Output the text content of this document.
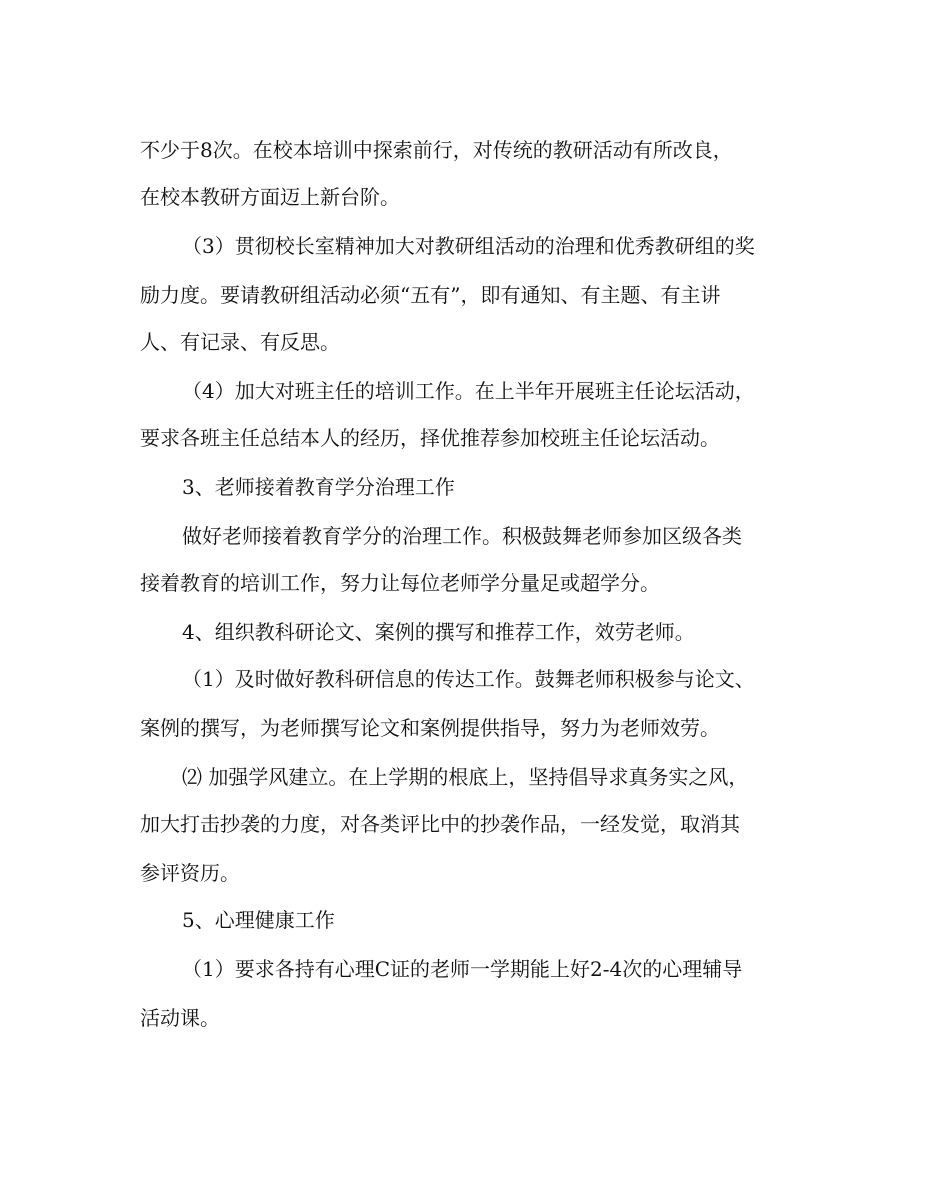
不少于8次。在校本培训中探索前行，对传统的教研活动有所改良，
在校本教研方面迈上新台阶。
（3）贯彻校长室精神加大对教研组活动的治理和优秀教研组的奖
励力度。要请教研组活动必须“五有”，即有通知、有主题、有主讲
人、有记录、有反思。
（4）加大对班主任的培训工作。在上半年开展班主任论坛活动，
要求各班主任总结本人的经历，择优推荐参加校班主任论坛活动。
3、老师接着教育学分治理工作
做好老师接着教育学分的治理工作。积极鼓舞老师参加区级各类
接着教育的培训工作，努力让每位老师学分量足或超学分。
4、组织教科研论文、案例的撰写和推荐工作，效劳老师。
（1）及时做好教科研信息的传达工作。鼓舞老师积极参与论文、
案例的撰写，为老师撰写论文和案例提供指导，努力为老师效劳。
⑵ 加强学风建立。在上学期的根底上，坚持倡导求真务实之风，
加大打击抄袭的力度，对各类评比中的抄袭作品，一经发觉，取消其
参评资历。
5、心理健康工作
（1）要求各持有心理C证的老师一学期能上好2-4次的心理辅导
活动课。
